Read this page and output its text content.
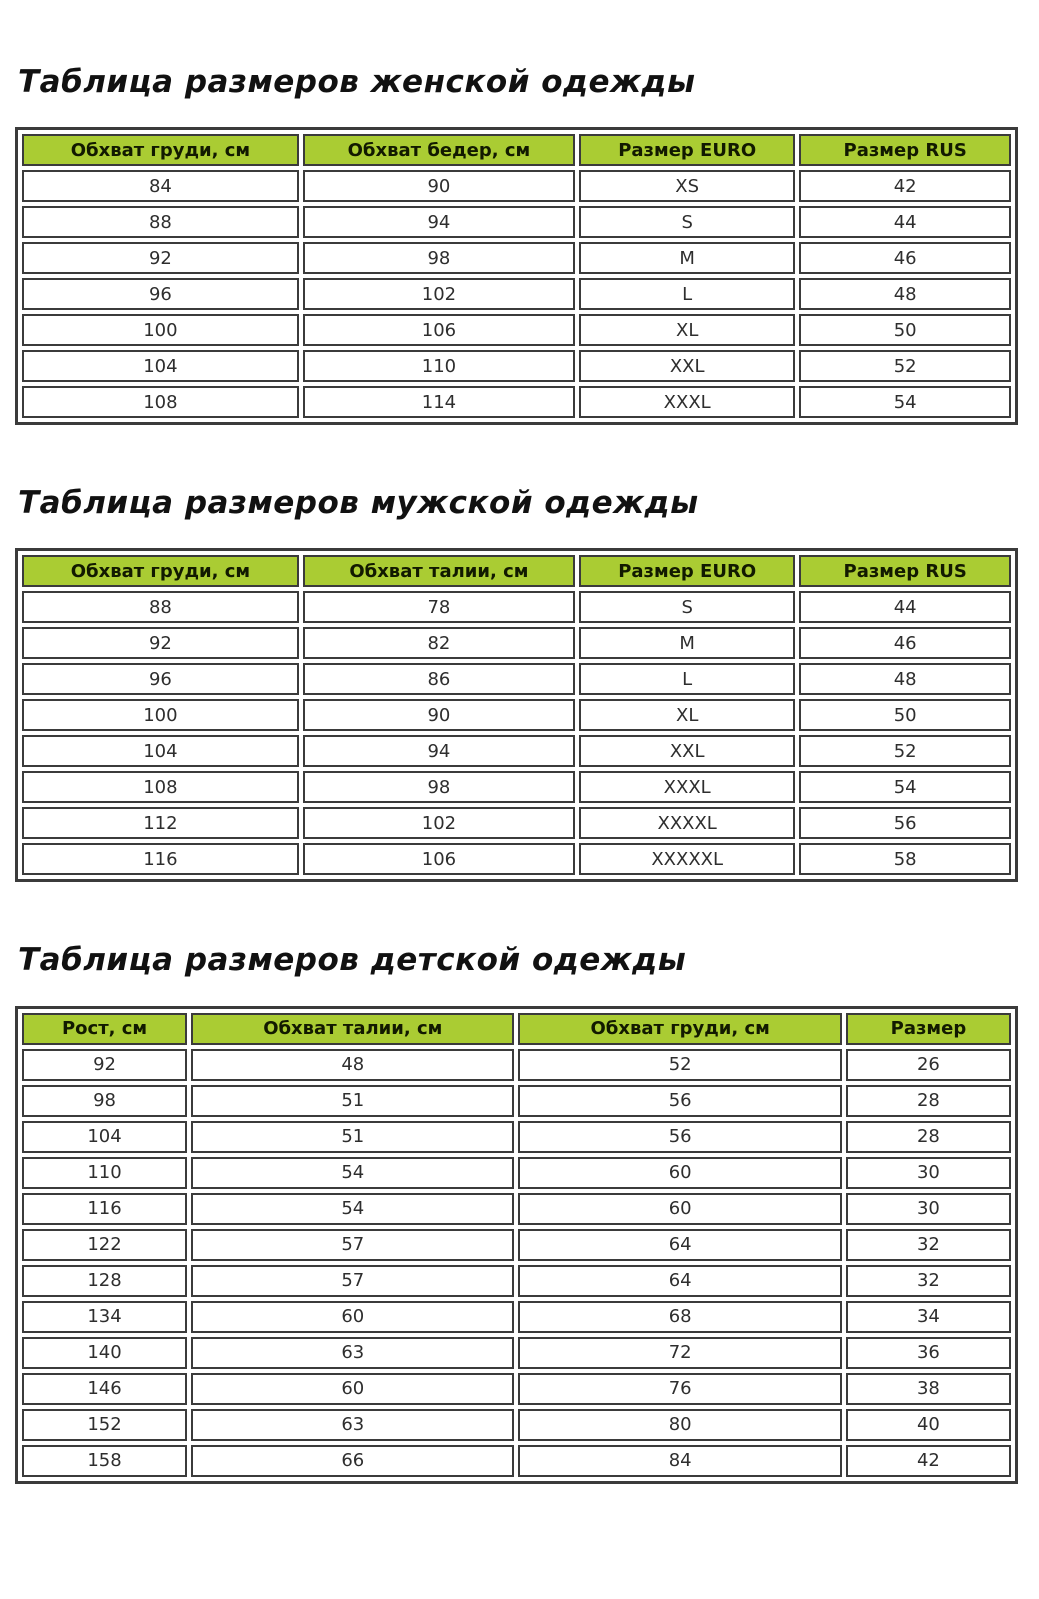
Таблица размеров женской одежды
Обхват груди, см	Обхват бедер, см	Размер EURO	Размер RUS
84	90	XS	42
88	94	S	44
92	98	M	46
96	102	L	48
100	106	XL	50
104	110	XXL	52
108	114	XXXL	54
Таблица размеров мужской одежды
Обхват груди, см	Обхват талии, см	Размер EURO	Размер RUS
88	78	S	44
92	82	M	46
96	86	L	48
100	90	XL	50
104	94	XXL	52
108	98	XXXL	54
112	102	XXXXL	56
116	106	XXXXXL	58
Таблица размеров детской одежды
Рост, см	Обхват талии, см	Обхват груди, см	Размер
92	48	52	26
98	51	56	28
104	51	56	28
110	54	60	30
116	54	60	30
122	57	64	32
128	57	64	32
134	60	68	34
140	63	72	36
146	60	76	38
152	63	80	40
158	66	84	42
